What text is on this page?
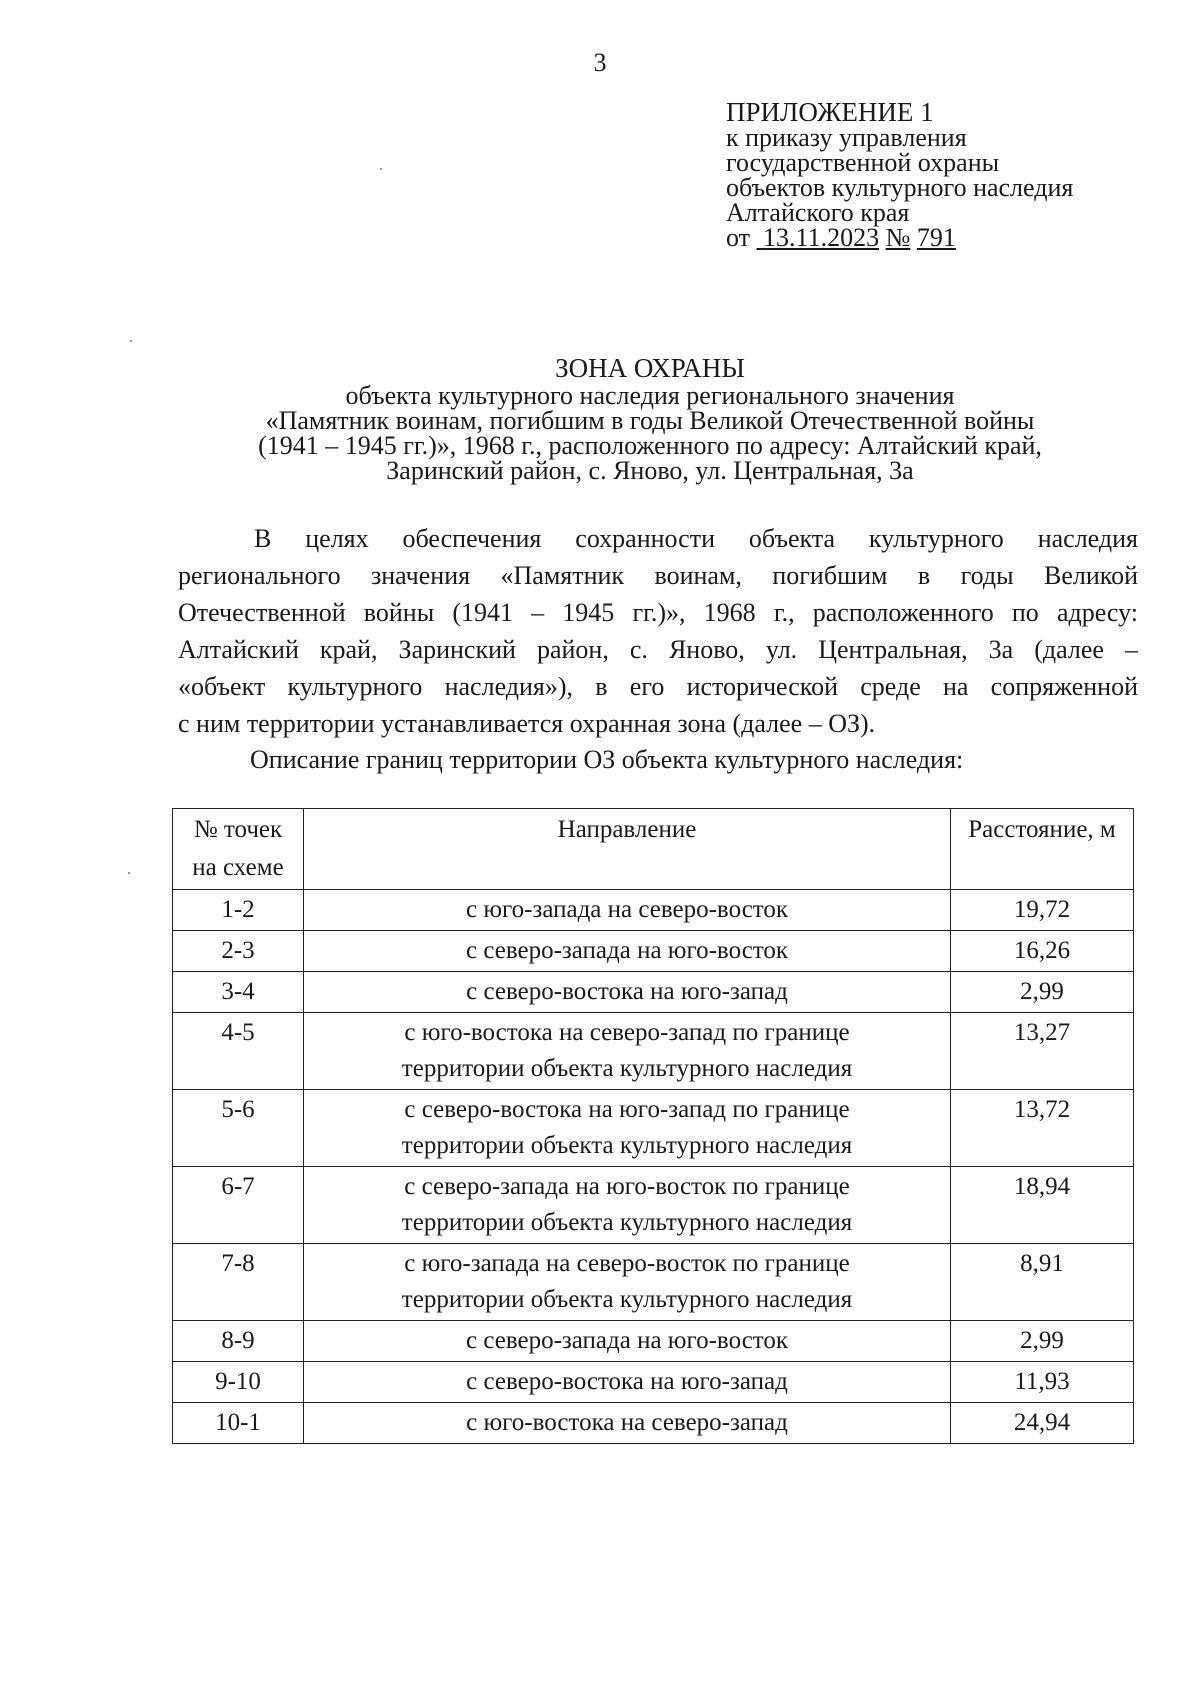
3
ПРИЛОЖЕНИЕ 1
к приказу управления
государственной охраны
объектов культурного наследия
Алтайского края
от 13.11.2023 № 791
ЗОНА ОХРАНЫ
объекта культурного наследия регионального значения
«Памятник воинам, погибшим в годы Великой Отечественной войны
(1941 – 1945 гг.)», 1968 г., расположенного по адресу: Алтайский край,
Заринский район, с. Яново, ул. Центральная, 3а
В целях обеспечения сохранности объекта культурного наследия
регионального значения «Памятник воинам, погибшим в годы Великой
Отечественной войны (1941 – 1945 гг.)», 1968 г., расположенного по адресу:
Алтайский край, Заринский район, с. Яново, ул. Центральная, 3а (далее –
«объект культурного наследия»), в его исторической среде на сопряженной
с ним территории устанавливается охранная зона (далее – ОЗ).
Описание границ территории ОЗ объекта культурного наследия:
№ точек
на схеме	Направление	Расстояние, м
1-2	с юго-запада на северо-восток	19,72
2-3	с северо-запада на юго-восток	16,26
3-4	с северо-востока на юго-запад	2,99
4-5	с юго-востока на северо-запад по границе
территории объекта культурного наследия	13,27
5-6	с северо-востока на юго-запад по границе
территории объекта культурного наследия	13,72
6-7	с северо-запада на юго-восток по границе
территории объекта культурного наследия	18,94
7-8	с юго-запада на северо-восток по границе
территории объекта культурного наследия	8,91
8-9	с северо-запада на юго-восток	2,99
9-10	с северо-востока на юго-запад	11,93
10-1	с юго-востока на северо-запад	24,94
